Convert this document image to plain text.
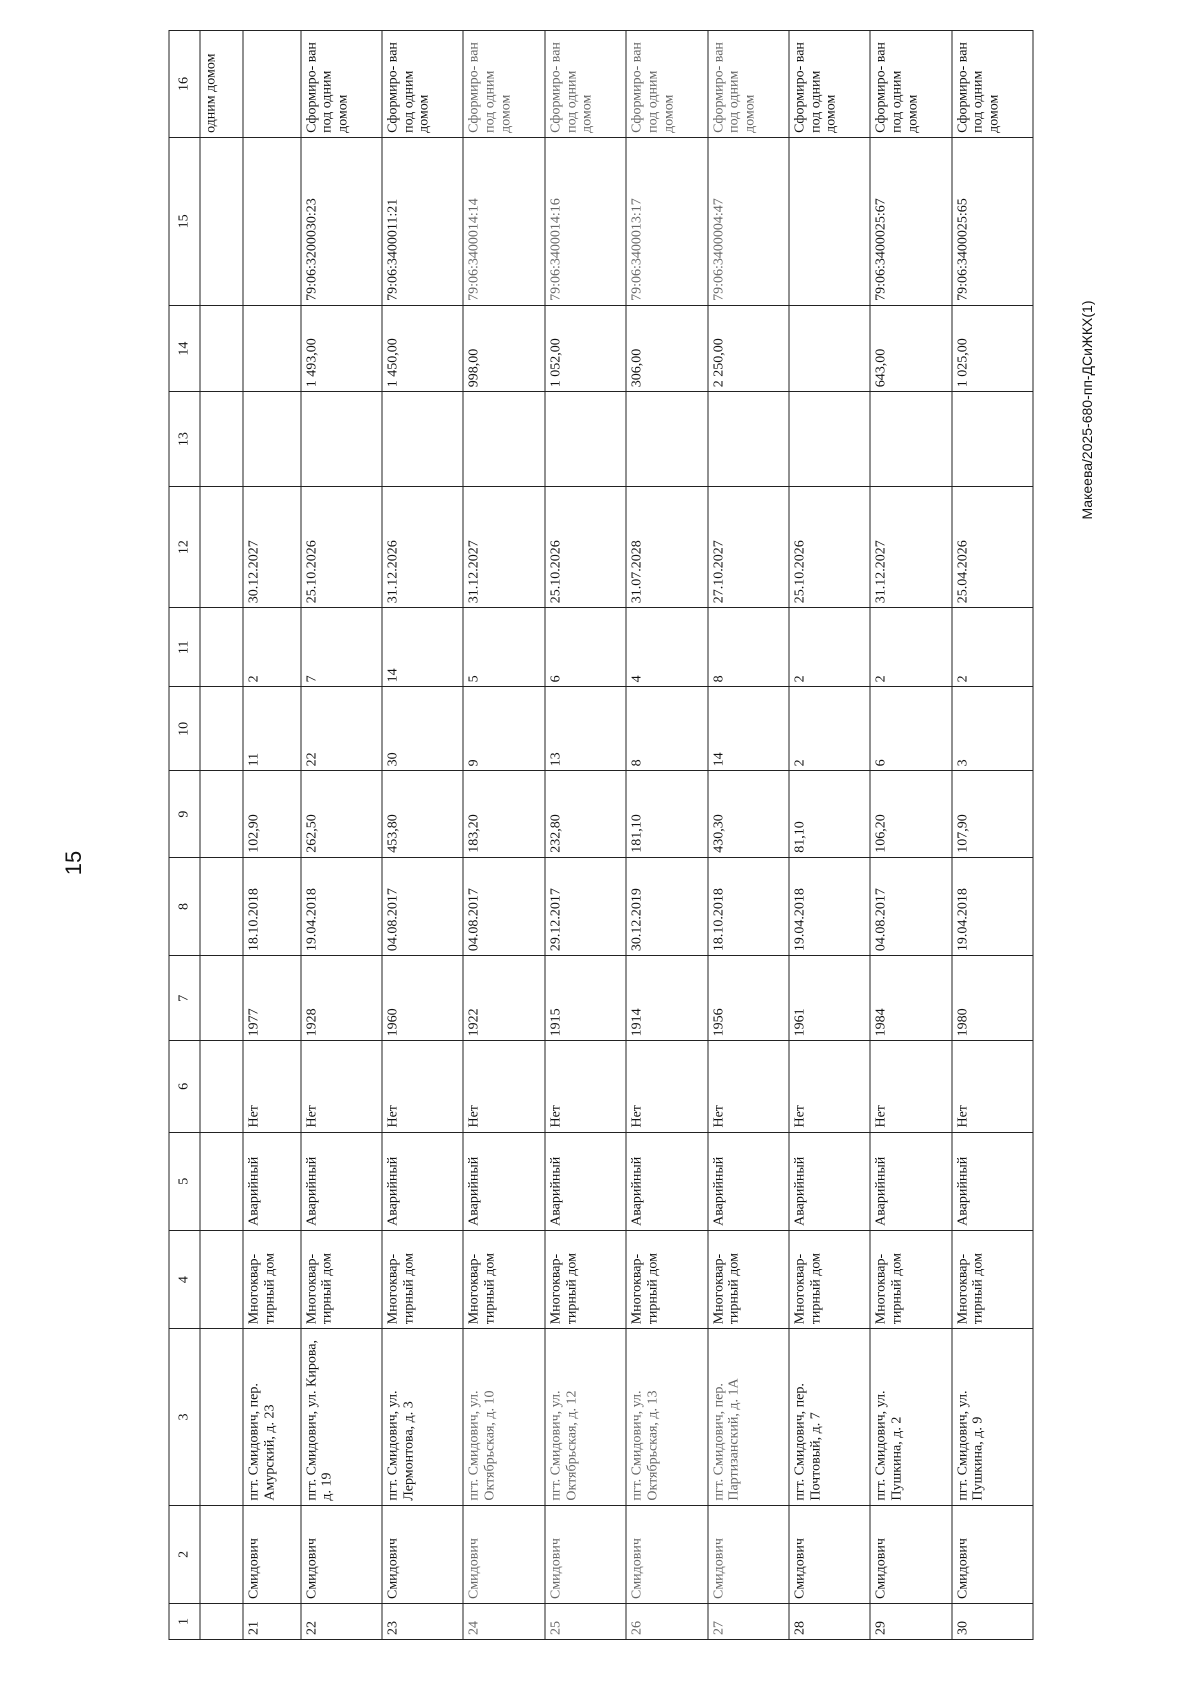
15
Макеева/2025-680-пп-ДСиЖКХ(1)
1	2	3	4	5	6	7	8	9	10	11	12	13	14	15	16
															одним домом
21	Смидович	пгт. Смидович, пер. Амурский, д. 23	Многоквар- тирный дом	Аварийный	Нет	1977	18.10.2018	102,90	11	2	30.12.2027				
22	Смидович	пгт. Смидович, ул. Кирова, д. 19	Многоквар- тирный дом	Аварийный	Нет	1928	19.04.2018	262,50	22	7	25.10.2026		1 493,00	79:06:3200030:23	Сформиро- ван под одним домом
23	Смидович	пгт. Смидович, ул. Лермонтова, д. 3	Многоквар- тирный дом	Аварийный	Нет	1960	04.08.2017	453,80	30	14	31.12.2026		1 450,00	79:06:3400011:21	Сформиро- ван под одним домом
24	Смидович	пгт. Смидович, ул. Октябрьская, д. 10	Многоквар- тирный дом	Аварийный	Нет	1922	04.08.2017	183,20	9	5	31.12.2027		998,00	79:06:3400014:14	Сформиро- ван под одним домом
25	Смидович	пгт. Смидович, ул. Октябрьская, д. 12	Многоквар- тирный дом	Аварийный	Нет	1915	29.12.2017	232,80	13	6	25.10.2026		1 052,00	79:06:3400014:16	Сформиро- ван под одним домом
26	Смидович	пгт. Смидович, ул. Октябрьская, д. 13	Многоквар- тирный дом	Аварийный	Нет	1914	30.12.2019	181,10	8	4	31.07.2028		306,00	79:06:3400013:17	Сформиро- ван под одним домом
27	Смидович	пгт. Смидович, пер. Партизанский, д. 1А	Многоквар- тирный дом	Аварийный	Нет	1956	18.10.2018	430,30	14	8	27.10.2027		2 250,00	79:06:3400004:47	Сформиро- ван под одним домом
28	Смидович	пгт. Смидович, пер. Почтовый, д. 7	Многоквар- тирный дом	Аварийный	Нет	1961	19.04.2018	81,10	2	2	25.10.2026				Сформиро- ван под одним домом
29	Смидович	пгт. Смидович, ул. Пушкина, д. 2	Многоквар- тирный дом	Аварийный	Нет	1984	04.08.2017	106,20	6	2	31.12.2027		643,00	79:06:3400025:67	Сформиро- ван под одним домом
30	Смидович	пгт. Смидович, ул. Пушкина, д. 9	Многоквар- тирный дом	Аварийный	Нет	1980	19.04.2018	107,90	3	2	25.04.2026		1 025,00	79:06:3400025:65	Сформиро- ван под одним домом
